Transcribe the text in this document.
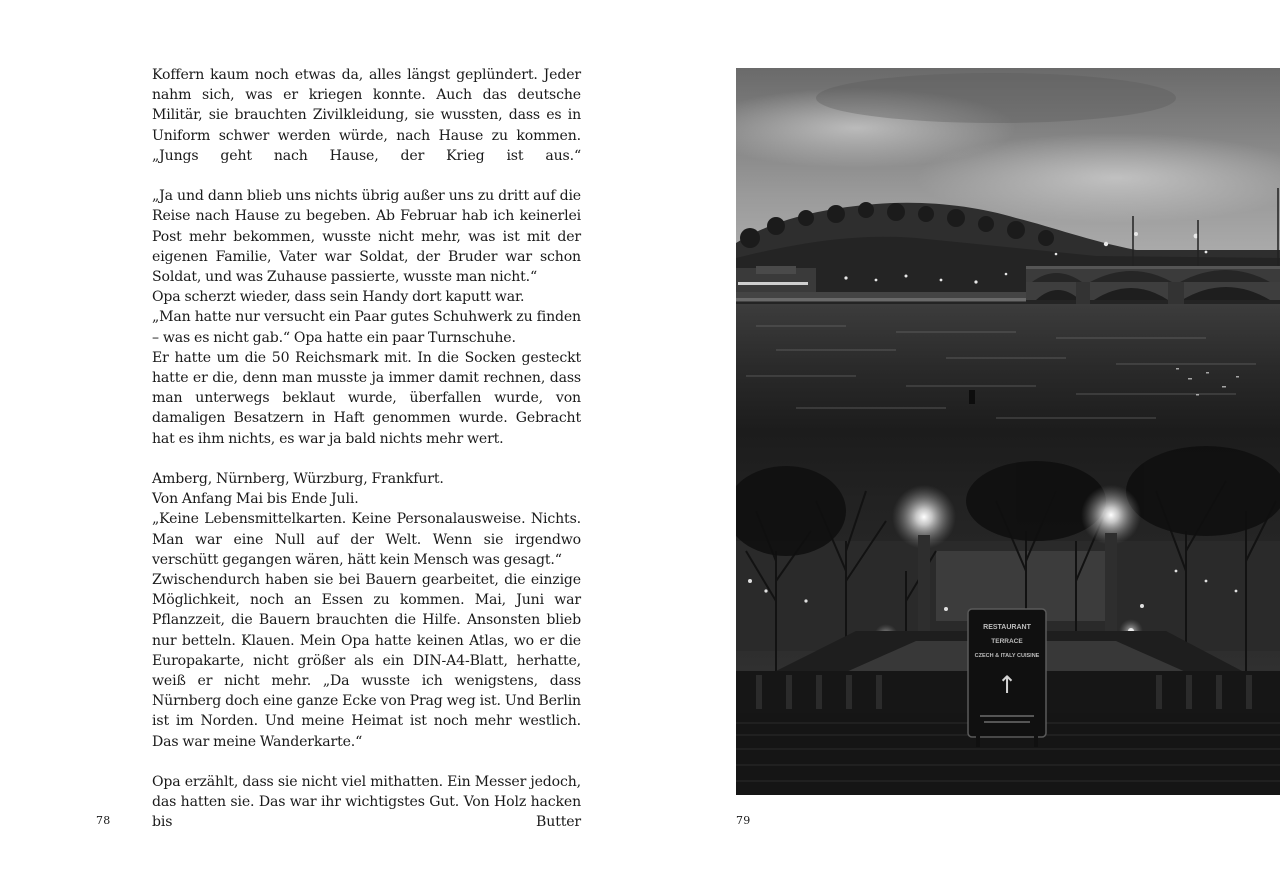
Koffern kaum noch etwas da, alles längst geplündert. Jeder nahm sich, was er kriegen konnte. Auch das deutsche Militär, sie brauchten Zivilkleidung, sie wussten, dass es in Uniform schwer werden würde, nach Hause zu kommen. „Jungs geht nach Hause, der Krieg ist aus.“

„Ja und dann blieb uns nichts übrig außer uns zu dritt auf die Reise nach Hause zu begeben. Ab Februar hab ich keinerlei Post mehr bekommen, wusste nicht mehr, was ist mit der eigenen Familie, Vater war Soldat, der Bruder war schon Soldat, und was Zuhause passierte, wusste man nicht.“

Opa scherzt wieder, dass sein Handy dort kaputt war.

„Man hatte nur versucht ein Paar gutes Schuhwerk zu finden – was es nicht gab.“ Opa hatte ein paar Turnschuhe.

Er hatte um die 50 Reichsmark mit. In die Socken gesteckt hatte er die, denn man musste ja immer damit rechnen, dass man unterwegs beklaut wurde, überfallen wurde, von damaligen Besatzern in Haft genommen wurde. Gebracht hat es ihm nichts, es war ja bald nichts mehr wert.

Amberg, Nürnberg, Würzburg, Frankfurt.

Von Anfang Mai bis Ende Juli.

„Keine Lebensmittelkarten. Keine Personalausweise. Nichts. Man war eine Null auf der Welt. Wenn sie irgendwo verschütt gegangen wären, hätt kein Mensch was gesagt.“

Zwischendurch haben sie bei Bauern gearbeitet, die einzige Möglichkeit, noch an Essen zu kommen. Mai, Juni war Pflanzzeit, die Bauern brauchten die Hilfe. Ansonsten blieb nur betteln. Klauen. Mein Opa hatte keinen Atlas, wo er die Europakarte, nicht größer als ein DIN-A4-Blatt, herhatte, weiß er nicht mehr. „Da wusste ich wenigstens, dass Nürnberg doch eine ganze Ecke von Prag weg ist. Und Berlin ist im Norden. Und meine Heimat ist noch mehr westlich. Das war meine Wanderkarte.“

Opa erzählt, dass sie nicht viel mithatten. Ein Messer jedoch, das hatten sie. Das war ihr wichtigstes Gut. Von Holz hacken bis Butter

78
RESTAURANT
TERRACE
CZECH & ITALY CUISINE
↑
79
